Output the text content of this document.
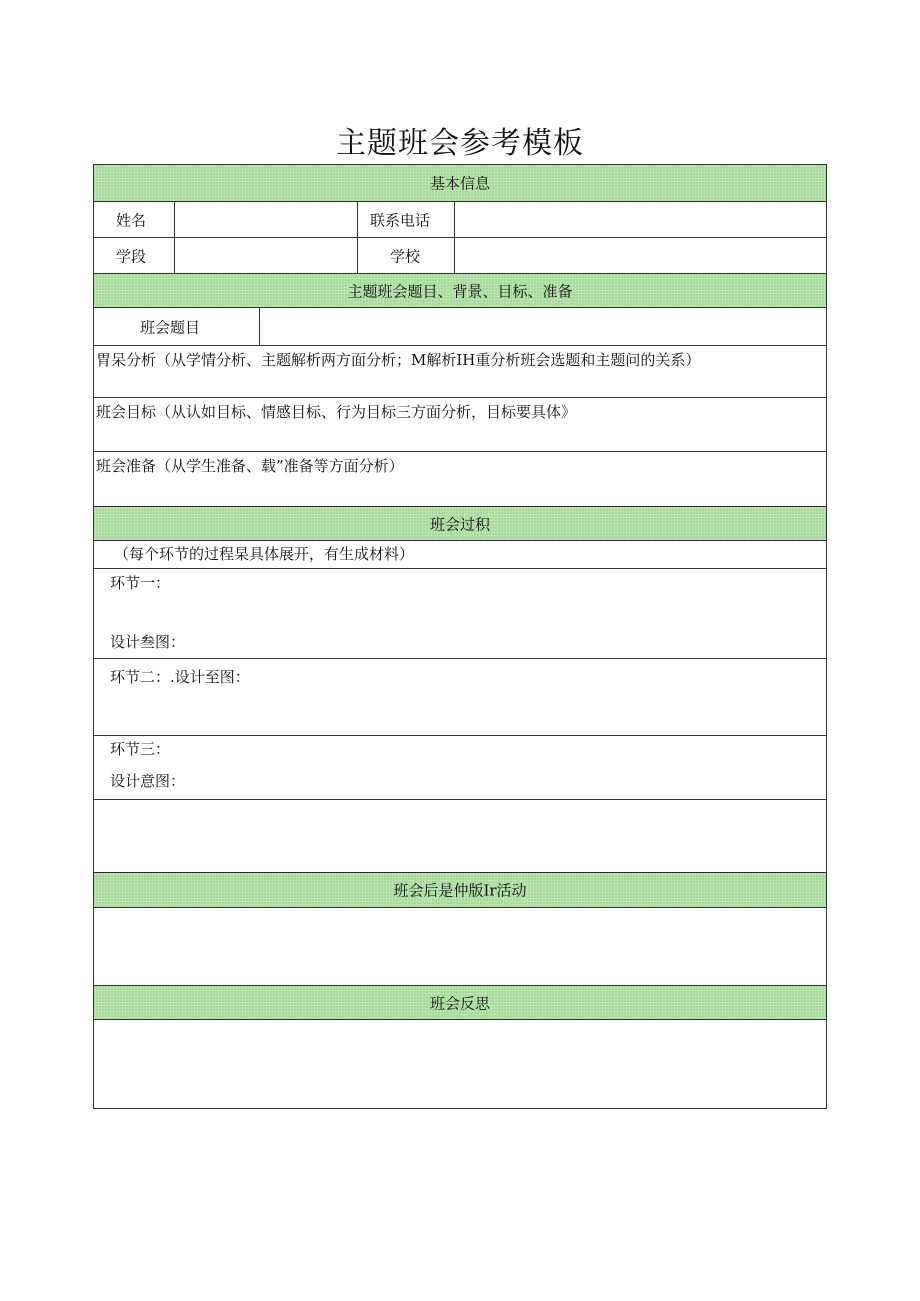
主题班会参考模板
基本信息
姓名	联系电话
学段	学校
主题班会题目、背景、目标、准备
班会题目
胃呆分析（从学情分析、主题解析两方面分析；M解析IH重分析班会选题和主题问的关系）
班会目标（从认如目标、情感目标、行为目标三方面分析，目标要具体》
班会准备（从学生准备、载”准备等方面分析）
班会过积
（每个环节的过程杲具体展开，有生成材料）
环节一：
设计叁图：
环节二：.设计至图：
环节三：
设计意图：
班会后是仲版Ir活动
班会反思
